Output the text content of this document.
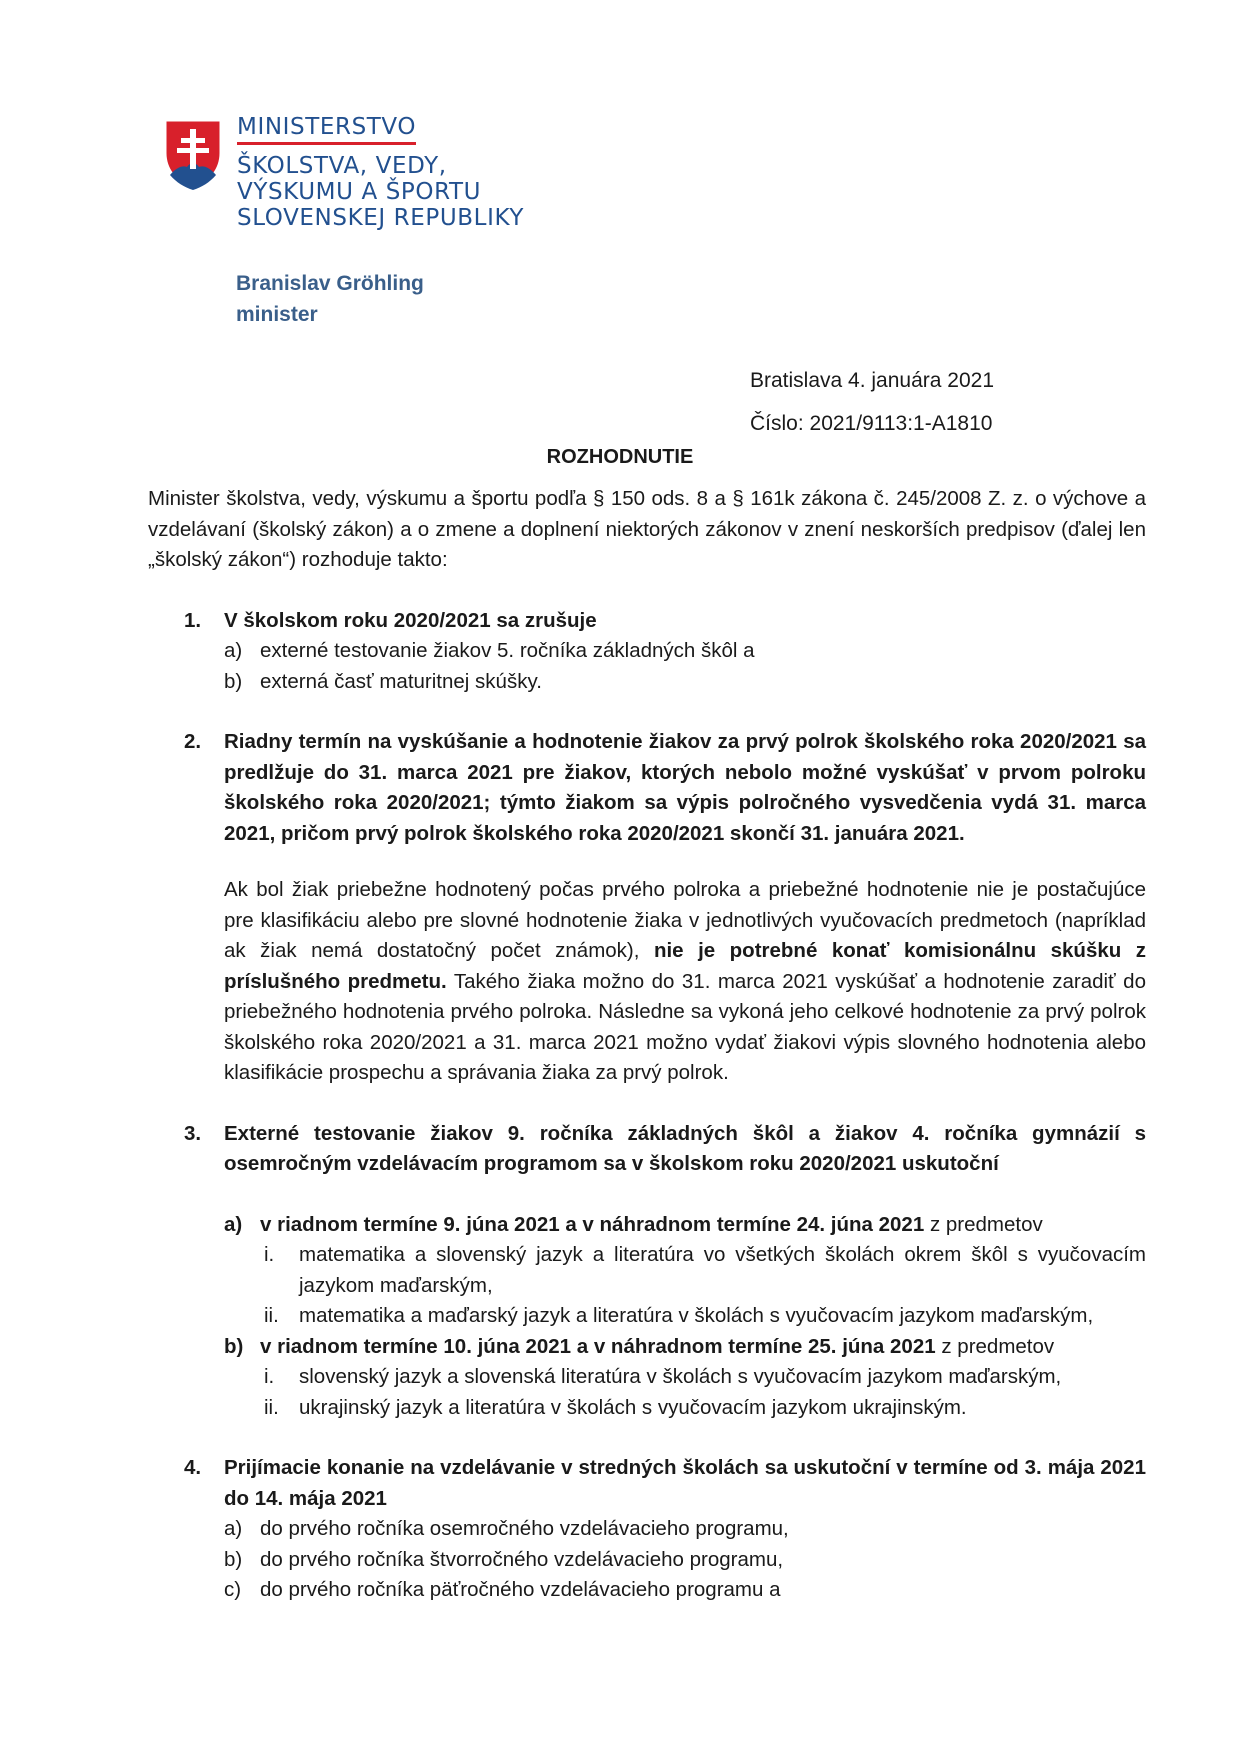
MINISTERSTVO
ŠKOLSTVA, VEDY,
VÝSKUMU A ŠPORTU
SLOVENSKEJ REPUBLIKY
Branislav Gröhling
minister
Bratislava 4. januára 2021
Číslo: 2021/9113:1-A1810
ROZHODNUTIE

Minister školstva, vedy, výskumu a športu podľa § 150 ods. 8 a § 161k zákona č. 245/2008 Z. z. o výchove a vzdelávaní (školský zákon) a o zmene a doplnení niektorých zákonov v znení neskorších predpisov (ďalej len „školský zákon“) rozhoduje takto:

1. V školskom roku 2020/2021 sa zrušuje

a) externé testovanie žiakov 5. ročníka základných škôl a

b) externá časť maturitnej skúšky.

2. Riadny termín na vyskúšanie a hodnotenie žiakov za prvý polrok školského roka 2020/2021 sa predlžuje do 31. marca 2021 pre žiakov, ktorých nebolo možné vyskúšať v prvom polroku školského roka 2020/2021; týmto žiakom sa výpis polročného vysvedčenia vydá 31. marca 2021, pričom prvý polrok školského roka 2020/2021 skončí 31. januára 2021.

Ak bol žiak priebežne hodnotený počas prvého polroka a priebežné hodnotenie nie je postačujúce pre klasifikáciu alebo pre slovné hodnotenie žiaka v jednotlivých vyučovacích predmetoch (napríklad ak žiak nemá dostatočný počet známok), nie je potrebné konať komisionálnu skúšku z príslušného predmetu. Takého žiaka možno do 31. marca 2021 vyskúšať a hodnotenie zaradiť do priebežného hodnotenia prvého polroka. Následne sa vykoná jeho celkové hodnotenie za prvý polrok školského roka 2020/2021 a 31. marca 2021 možno vydať žiakovi výpis slovného hodnotenia alebo klasifikácie prospechu a správania žiaka za prvý polrok.

3. Externé testovanie žiakov 9. ročníka základných škôl a žiakov 4. ročníka gymnázií s osemročným vzdelávacím programom sa v školskom roku 2020/2021 uskutoční

a) v riadnom termíne 9. júna 2021 a v náhradnom termíne 24. júna 2021 z predmetov

i. matematika a slovenský jazyk a literatúra vo všetkých školách okrem škôl s vyučovacím jazykom maďarským,

ii. matematika a maďarský jazyk a literatúra v školách s vyučovacím jazykom maďarským,

b) v riadnom termíne 10. júna 2021 a v náhradnom termíne 25. júna 2021 z predmetov

i. slovenský jazyk a slovenská literatúra v školách s vyučovacím jazykom maďarským,

ii. ukrajinský jazyk a literatúra v školách s vyučovacím jazykom ukrajinským.

4. Prijímacie konanie na vzdelávanie v stredných školách sa uskutoční v termíne od 3. mája 2021 do 14. mája 2021

a) do prvého ročníka osemročného vzdelávacieho programu,

b) do prvého ročníka štvorročného vzdelávacieho programu,

c) do prvého ročníka päťročného vzdelávacieho programu a
